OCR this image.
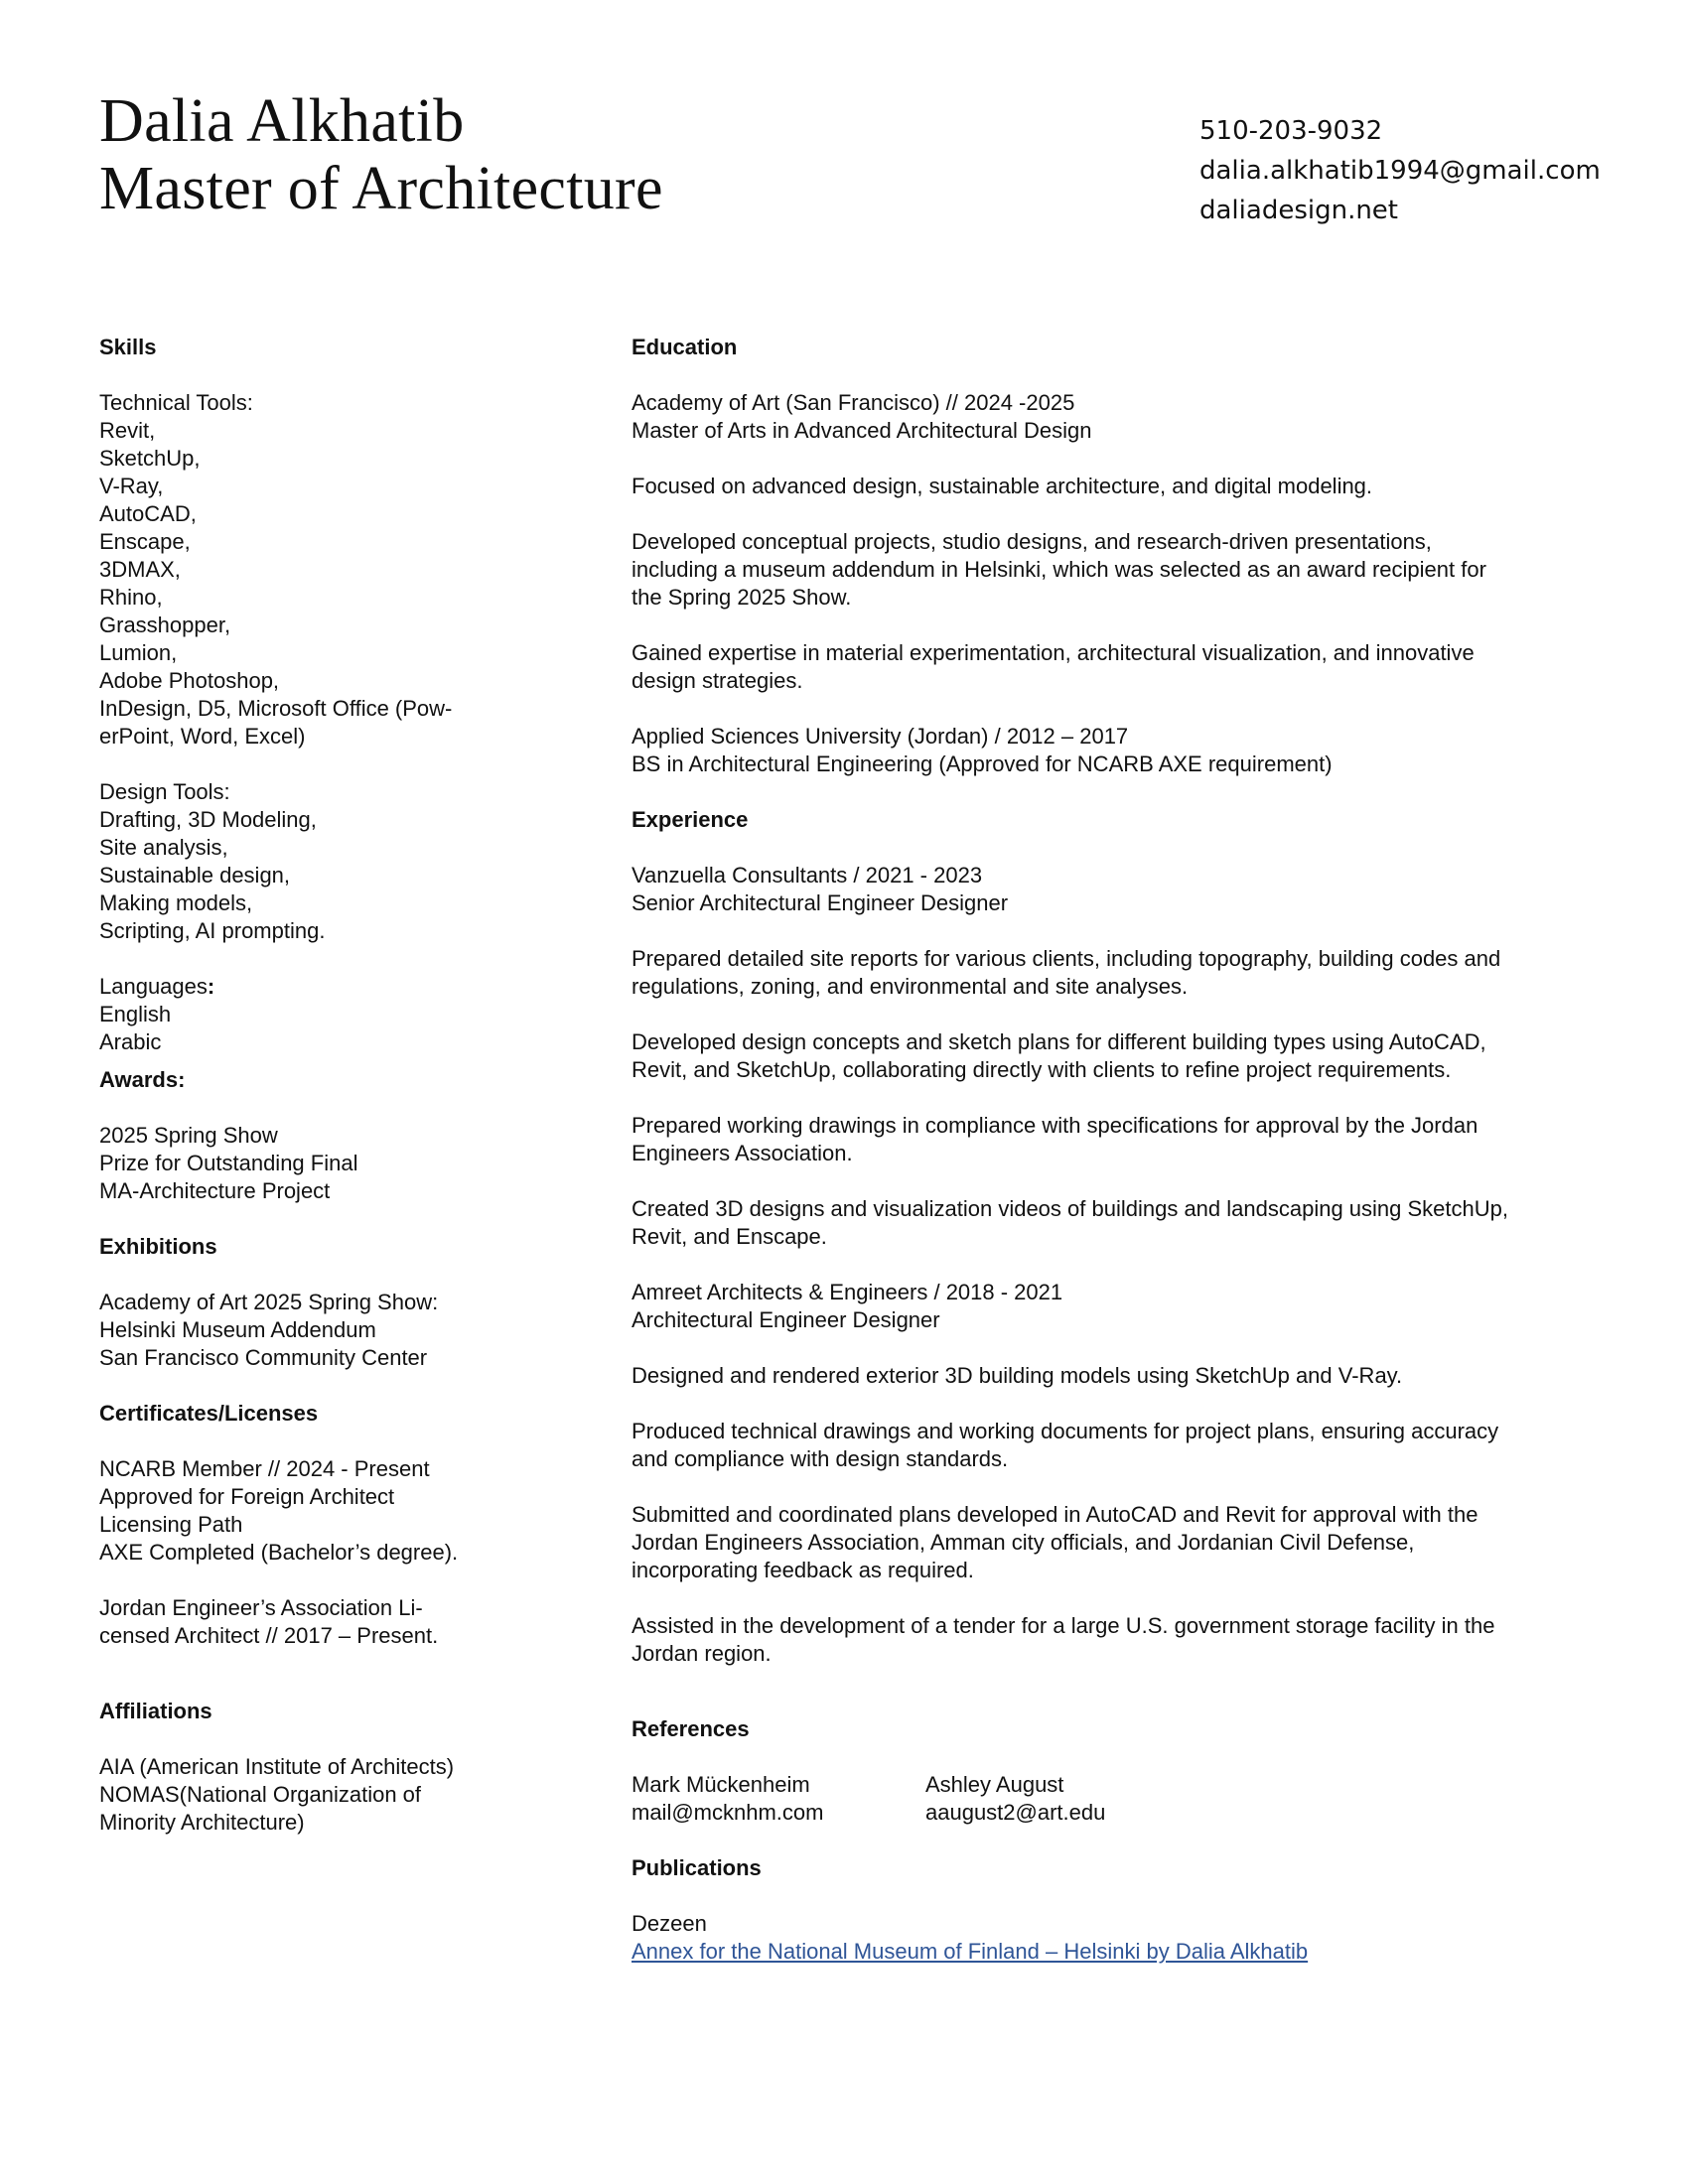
Dalia Alkhatib
Master of Architecture
510-203-9032
dalia.alkhatib1994@gmail.com
daliadesign.net
Skills
Technical Tools:
Revit,
SketchUp,
V-Ray,
AutoCAD,
Enscape,
3DMAX,
Rhino,
Grasshopper,
Lumion,
Adobe Photoshop,
InDesign, D5, Microsoft Office (Pow-
erPoint, Word, Excel)
Design Tools:
Drafting, 3D Modeling,
Site analysis,
Sustainable design,
Making models,
Scripting, AI prompting.
Languages:
English
Arabic
Awards:
2025 Spring Show
Prize for Outstanding Final
MA-Architecture Project
Exhibitions
Academy of Art 2025 Spring Show:
Helsinki Museum Addendum
San Francisco Community Center
Certificates/Licenses
NCARB Member // 2024 - Present
Approved for Foreign Architect
Licensing Path
AXE Completed (Bachelor’s degree).
Jordan Engineer’s Association Li-
censed Architect // 2017 – Present.
Affiliations
AIA (American Institute of Architects)
NOMAS(National Organization of
Minority Architecture)
Education
Academy of Art (San Francisco) // 2024 -2025
Master of Arts in Advanced Architectural Design
Focused on advanced design, sustainable architecture, and digital modeling.
Developed conceptual projects, studio designs, and research-driven presentations,
including a museum addendum in Helsinki, which was selected as an award recipient for
the Spring 2025 Show.
Gained expertise in material experimentation, architectural visualization, and innovative
design strategies.
Applied Sciences University (Jordan) / 2012 – 2017
BS in Architectural Engineering (Approved for NCARB AXE requirement)
Experience
Vanzuella Consultants / 2021 - 2023
Senior Architectural Engineer Designer
Prepared detailed site reports for various clients, including topography, building codes and
regulations, zoning, and environmental and site analyses.
Developed design concepts and sketch plans for different building types using AutoCAD,
Revit, and SketchUp, collaborating directly with clients to refine project requirements.
Prepared working drawings in compliance with specifications for approval by the Jordan
Engineers Association.
Created 3D designs and visualization videos of buildings and landscaping using SketchUp,
Revit, and Enscape.
Amreet Architects & Engineers / 2018 - 2021
Architectural Engineer Designer
Designed and rendered exterior 3D building models using SketchUp and V-Ray.
Produced technical drawings and working documents for project plans, ensuring accuracy
and compliance with design standards.
Submitted and coordinated plans developed in AutoCAD and Revit for approval with the
Jordan Engineers Association, Amman city officials, and Jordanian Civil Defense,
incorporating feedback as required.
Assisted in the development of a tender for a large U.S. government storage facility in the
Jordan region.
References
Mark Mückenheim
mail@mcknhm.com
Ashley August
aaugust2@art.edu
Publications
Dezeen
Annex for the National Museum of Finland – Helsinki by Dalia Alkhatib
